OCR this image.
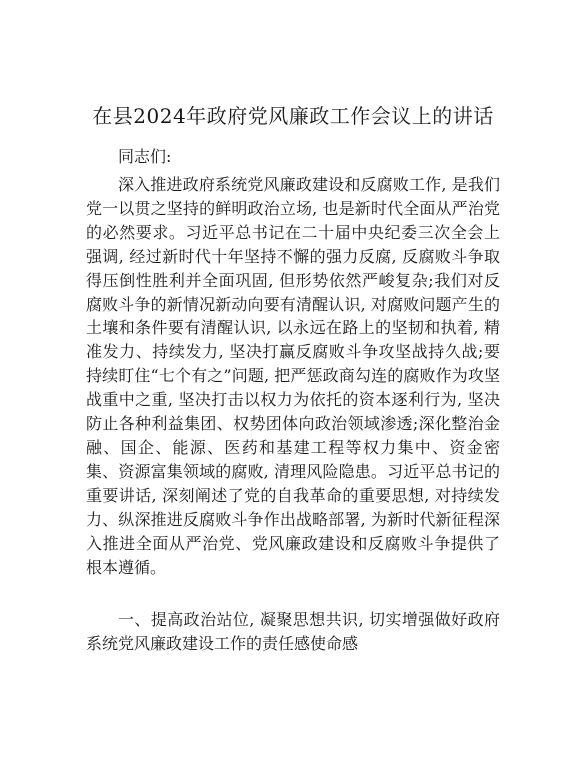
在县2024年政府党风廉政工作会议上的讲话
同志们:

深入推进政府系统党风廉政建设和反腐败工作, 是我们党一以贯之坚持的鲜明政治立场, 也是新时代全面从严治党的必然要求。习近平总书记在二十届中央纪委三次全会上强调, 经过新时代十年坚持不懈的强力反腐, 反腐败斗争取得压倒性胜利并全面巩固, 但形势依然严峻复杂;我们对反腐败斗争的新情况新动向要有清醒认识, 对腐败问题产生的土壤和条件要有清醒认识, 以永远在路上的坚韧和执着, 精准发力、持续发力, 坚决打赢反腐败斗争攻坚战持久战;要持续盯住“七个有之”问题, 把严惩政商勾连的腐败作为攻坚战重中之重, 坚决打击以权力为依托的资本逐利行为, 坚决防止各种利益集团、权势团体向政治领域渗透;深化整治金融、国企、能源、医药和基建工程等权力集中、资金密集、资源富集领域的腐败, 清理风险隐患。习近平总书记的重要讲话, 深刻阐述了党的自我革命的重要思想, 对持续发力、纵深推进反腐败斗争作出战略部署, 为新时代新征程深入推进全面从严治党、党风廉政建设和反腐败斗争提供了根本遵循。

一、提高政治站位, 凝聚思想共识, 切实增强做好政府系统党风廉政建设工作的责任感使命感
